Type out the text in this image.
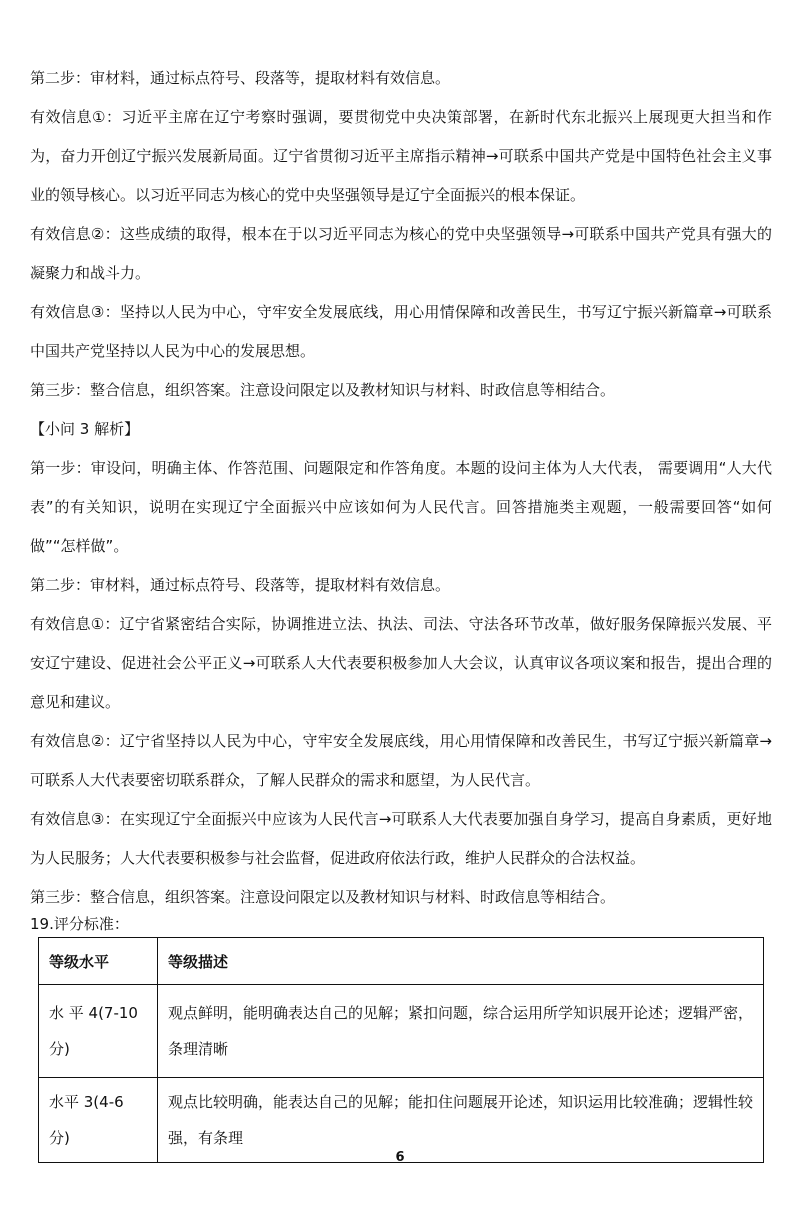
第二步：审材料，通过标点符号、段落等，提取材料有效信息。

有效信息①：习近平主席在辽宁考察时强调，要贯彻党中央决策部署，在新时代东北振兴上展现更大担当和作为，奋力开创辽宁振兴发展新局面。辽宁省贯彻习近平主席指示精神→可联系中国共产党是中国特色社会主义事业的领导核心。以习近平同志为核心的党中央坚强领导是辽宁全面振兴的根本保证。

有效信息②：这些成绩的取得，根本在于以习近平同志为核心的党中央坚强领导→可联系中国共产党具有强大的凝聚力和战斗力。

有效信息③：坚持以人民为中心，守牢安全发展底线，用心用情保障和改善民生，书写辽宁振兴新篇章→可联系中国共产党坚持以人民为中心的发展思想。

第三步：整合信息，组织答案。注意设问限定以及教材知识与材料、时政信息等相结合。

【小问 3 解析】

第一步：审设问，明确主体、作答范围、问题限定和作答角度。本题的设问主体为人大代表， 需要调用“人大代表”的有关知识，说明在实现辽宁全面振兴中应该如何为人民代言。回答措施类主观题，一般需要回答“如何做”“怎样做”。

第二步：审材料，通过标点符号、段落等，提取材料有效信息。

有效信息①：辽宁省紧密结合实际，协调推进立法、执法、司法、守法各环节改革，做好服务保障振兴发展、平安辽宁建设、促进社会公平正义→可联系人大代表要积极参加人大会议，认真审议各项议案和报告，提出合理的意见和建议。

有效信息②：辽宁省坚持以人民为中心，守牢安全发展底线，用心用情保障和改善民生，书写辽宁振兴新篇章→可联系人大代表要密切联系群众，了解人民群众的需求和愿望，为人民代言。

有效信息③：在实现辽宁全面振兴中应该为人民代言→可联系人大代表要加强自身学习，提高自身素质，更好地为人民服务；人大代表要积极参与社会监督，促进政府依法行政，维护人民群众的合法权益。

第三步：整合信息，组织答案。注意设问限定以及教材知识与材料、时政信息等相结合。

19.评分标准：

等级水平	等级描述
水 平 4(7-10 分)	观点鲜明，能明确表达自己的见解；紧扣问题，综合运用所学知识展开论述；逻辑严密，条理清晰
水平 3(4-6 分)	观点比较明确，能表达自己的见解；能扣住问题展开论述，知识运用比较准确；逻辑性较强，有条理
6
